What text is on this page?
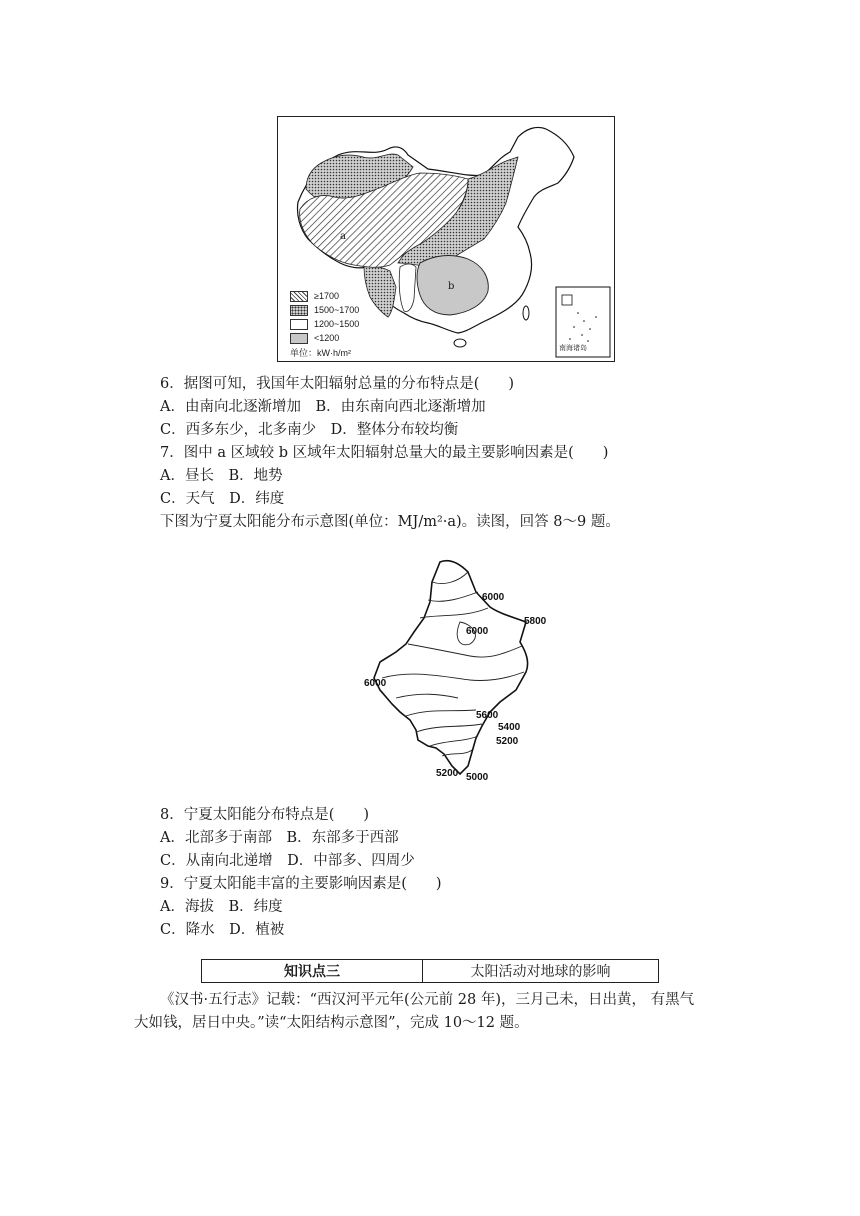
a
b
南海诸岛
≥1700
1500~1700
1200~1500
<1200
单位：kW·h/m²
6．据图可知，我国年太阳辐射总量的分布特点是(　　)
A．由南向北逐渐增加　B．由东南向西北逐渐增加
C．西多东少，北多南少　D．整体分布较均衡
7．图中 a 区域较 b 区域年太阳辐射总量大的最主要影响因素是(　　)
A．昼长　B．地势
C．天气　D．纬度
下图为宁夏太阳能分布示意图(单位：MJ/m²·a)。读图，回答 8～9 题。
6000
5800
6000
6000
5600
5400
5200
5200 5000
8．宁夏太阳能分布特点是(　　)
A．北部多于南部　B．东部多于西部
C．从南向北递增　D．中部多、四周少
9．宁夏太阳能丰富的主要影响因素是(　　)
A．海拔　B．纬度
C．降水　D．植被
知识点三	太阳活动对地球的影响
《汉书·五行志》记载：“西汉河平元年(公元前 28 年)，三月己未，日出黄， 有黑气
大如钱，居日中央。”读“太阳结构示意图”，完成 10～12 题。
